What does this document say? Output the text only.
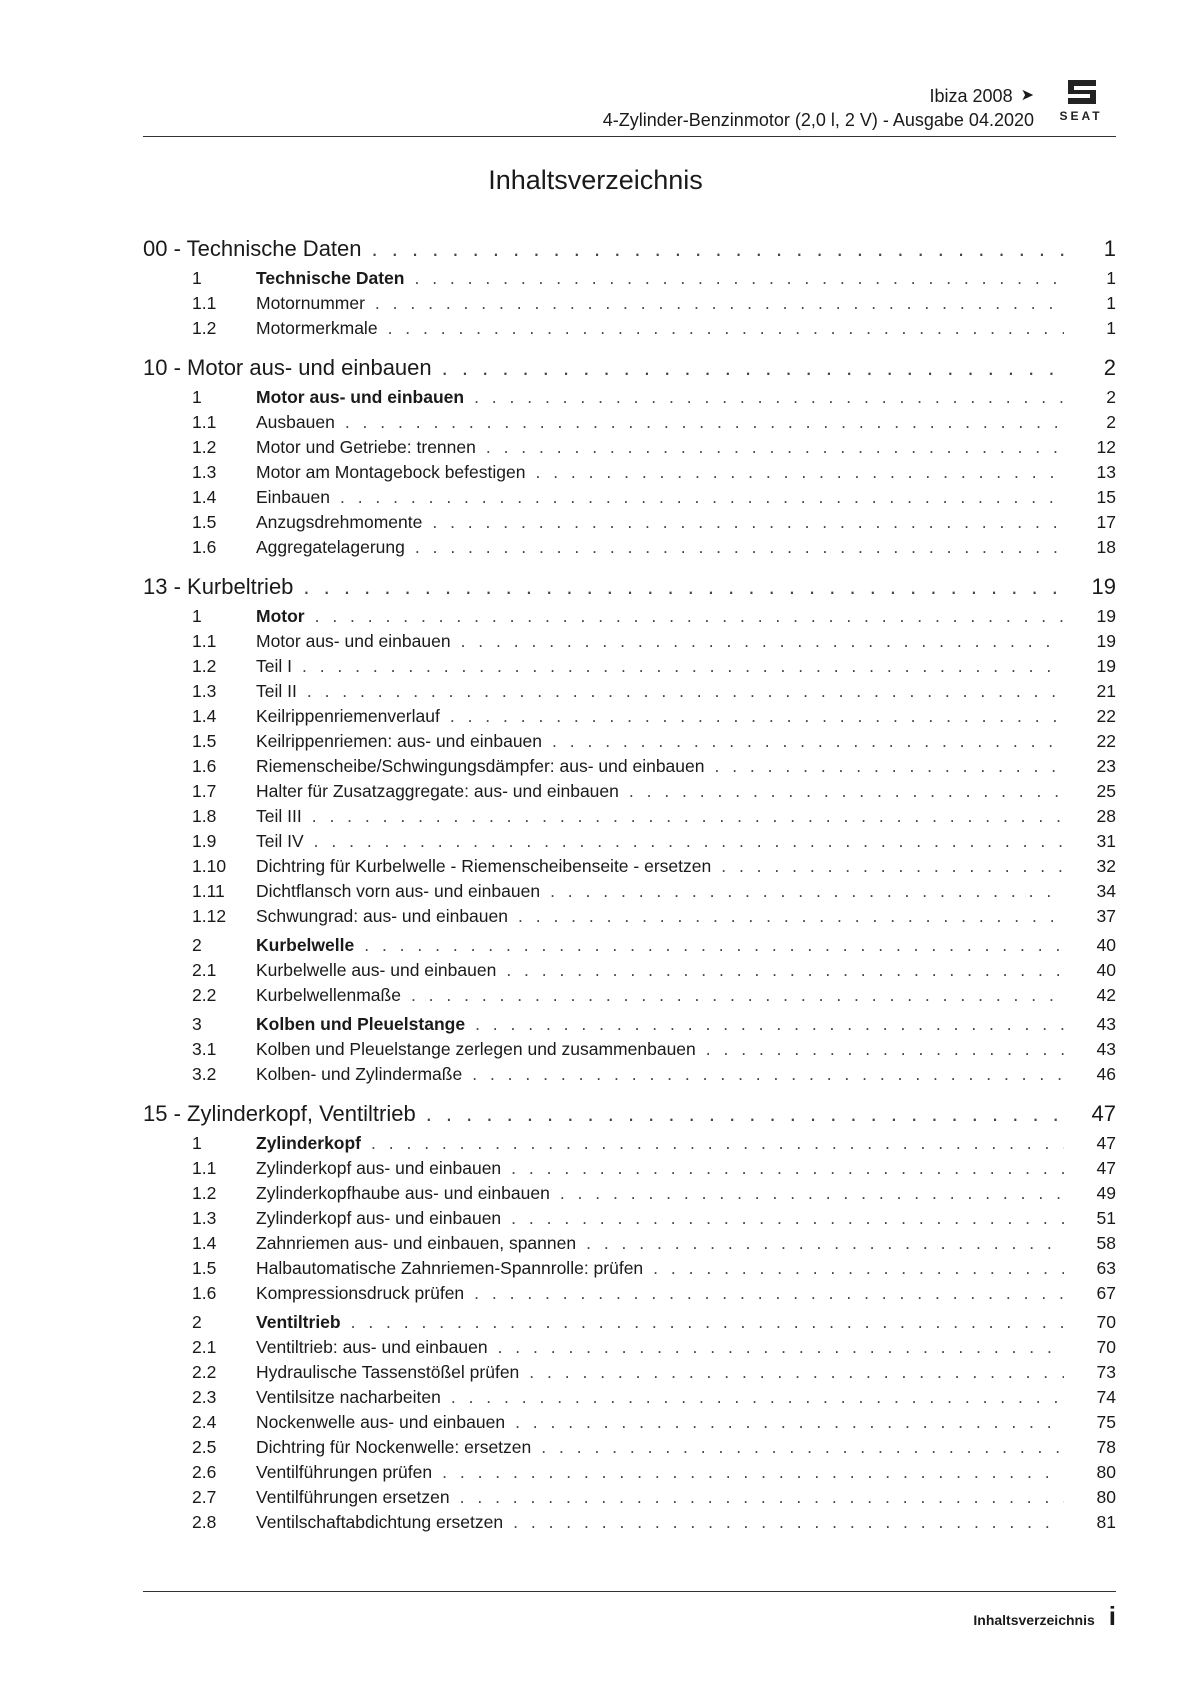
Ibiza 2008 ➤
4-Zylinder-Benzinmotor (2,0 l, 2 V) - Ausgabe 04.2020 SEAT
Inhaltsverzeichnis
00 - Technische Daten . . .	1
1	Technische Daten . . .	1
1.1	Motornummer . . .	1
1.2	Motormerkmale . . .	1
10 - Motor aus- und einbauen . . .	2
1	Motor aus- und einbauen . . .	2
1.1	Ausbauen . . .	2
1.2	Motor und Getriebe: trennen . . .	12
1.3	Motor am Montagebock befestigen . . .	13
1.4	Einbauen . . .	15
1.5	Anzugsdrehmomente . . .	17
1.6	Aggregatelagerung . . .	18
13 - Kurbeltrieb . . .	19
1	Motor . . .	19
1.1	Motor aus- und einbauen . . .	19
1.2	Teil I . . .	19
1.3	Teil II . . .	21
1.4	Keilrippenriemenverlauf . . .	22
1.5	Keilrippenriemen: aus- und einbauen . . .	22
1.6	Riemenscheibe/Schwingungsdämpfer: aus- und einbauen . . .	23
1.7	Halter für Zusatzaggregate: aus- und einbauen . . .	25
1.8	Teil III . . .	28
1.9	Teil IV . . .	31
1.10	Dichtring für Kurbelwelle - Riemenscheibenseite - ersetzen . . .	32
1.11	Dichtflansch vorn aus- und einbauen . . .	34
1.12	Schwungrad: aus- und einbauen . . .	37
2	Kurbelwelle . . .	40
2.1	Kurbelwelle aus- und einbauen . . .	40
2.2	Kurbelwellenmaße . . .	42
3	Kolben und Pleuelstange . . .	43
3.1	Kolben und Pleuelstange zerlegen und zusammenbauen . . .	43
3.2	Kolben- und Zylindermaße . . .	46
15 - Zylinderkopf, Ventiltrieb . . .	47
1	Zylinderkopf . . .	47
1.1	Zylinderkopf aus- und einbauen . . .	47
1.2	Zylinderkopfhaube aus- und einbauen . . .	49
1.3	Zylinderkopf aus- und einbauen . . .	51
1.4	Zahnriemen aus- und einbauen, spannen . . .	58
1.5	Halbautomatische Zahnriemen-Spannrolle: prüfen . . .	63
1.6	Kompressionsdruck prüfen . . .	67
2	Ventiltrieb . . .	70
2.1	Ventiltrieb: aus- und einbauen . . .	70
2.2	Hydraulische Tassenstößel prüfen . . .	73
2.3	Ventilsitze nacharbeiten . . .	74
2.4	Nockenwelle aus- und einbauen . . .	75
2.5	Dichtring für Nockenwelle: ersetzen . . .	78
2.6	Ventilführungen prüfen . . .	80
2.7	Ventilführungen ersetzen . . .	80
2.8	Ventilschaftabdichtung ersetzen . . .	81
Inhaltsverzeichnis i
